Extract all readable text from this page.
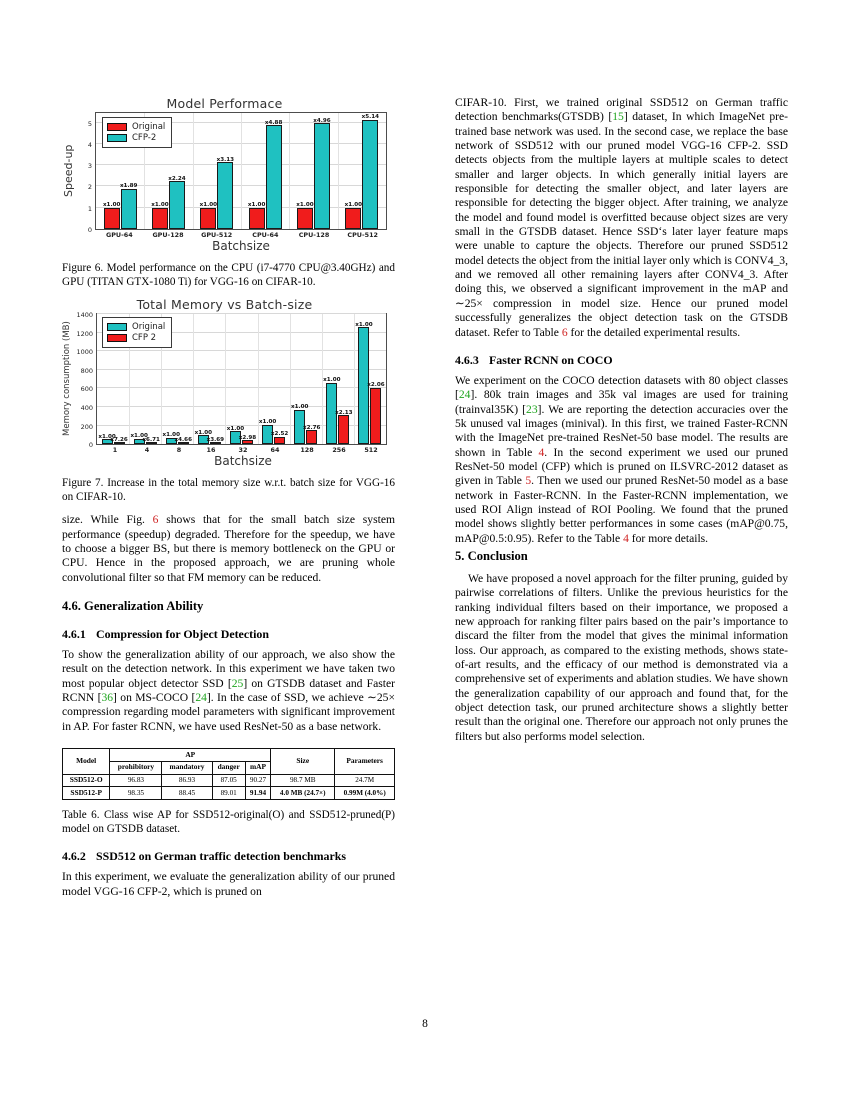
Model Performace
Speed-up
0
1
2
3
4
5	Original
CFP-2
x1.00
x1.89
x1.00
x2.24
x1.00
x3.13
x1.00
x4.88
x1.00
x4.96
x1.00
x5.14
GPU-64	GPU-128	GPU-512	CPU-64	CPU-128	CPU-512
Batchsize
Figure 6. Model performance on the CPU (i7-4770 CPU@3.40GHz) and GPU (TITAN GTX-1080 Ti) for VGG-16 on CIFAR-10.
Total Memory vs Batch-size
Memory consumption (MB)
0
200
400
600
800
1000
1200
1400
Original
CFP 2
x1.00
x7.26
x1.00
x6.71
x1.00
x4.66
x1.00
x3.69
x1.00
x2.98
x1.00
x2.52
x1.00
x2.76
x1.00
x2.13
x1.00
x2.06
1	4	8	16	32	64	128	256	512
Batchsize
Figure 7. Increase in the total memory size w.r.t. batch size for VGG-16 on CIFAR-10.

size. While Fig. 6 shows that for the small batch size system performance (speedup) degraded. Therefore for the speedup, we have to choose a bigger BS, but there is memory bottleneck on the GPU or CPU. Hence in the proposed approach, we are pruning whole convolutional filter so that FM memory can be reduced.

4.6. Generalization Ability
4.6.1 Compression for Object Detection

To show the generalization ability of our approach, we also show the result on the detection network. In this experiment we have taken two most popular object detector SSD [25] on GTSDB dataset and Faster RCNN [36] on MS-COCO [24]. In the case of SSD, we achieve ∼25× compression regarding model parameters with significant improvement in AP. For faster RCNN, we have used ResNet-50 as a base network.

Model	AP				Size	Parameters
	prohibitory	mandatory	danger	mAP		
SSD512-O	96.83	86.93	87.05	90.27	98.7 MB	24.7M
SSD512-P	98.35	88.45	89.01	91.94	4.0 MB (24.7×)	0.99M (4.0%)
Table 6. Class wise AP for SSD512-original(O) and SSD512-pruned(P) model on GTSDB dataset.
4.6.2 SSD512 on German traffic detection benchmarks

In this experiment, we evaluate the generalization ability of our pruned model VGG-16 CFP-2, which is pruned on

CIFAR-10. First, we trained original SSD512 on German traffic detection benchmarks(GTSDB) [15] dataset, In which ImageNet pre-trained base network was used. In the second case, we replace the base network of SSD512 with our pruned model VGG-16 CFP-2. SSD detects objects from the multiple layers at multiple scales to detect smaller and larger objects. In which generally initial layers are responsible for detecting the smaller object, and later layers are responsible for detecting the bigger object. After training, we analyze the model and found model is overfitted because object sizes are very small in the GTSDB dataset. Hence SSD‘s later layer feature maps were unable to capture the objects. Therefore our pruned SSD512 model detects the object from the initial layer only which is CONV4_3, and we removed all other remaining layers after CONV4_3. After doing this, we observed a significant improvement in the mAP and ∼25× compression in model size. Hence our pruned model successfully generalizes the object detection task on the GTSDB dataset. Refer to Table 6 for the detailed experimental results.

4.6.3 Faster RCNN on COCO

We experiment on the COCO detection datasets with 80 object classes [24]. 80k train images and 35k val images are used for training (trainval35K) [23]. We are reporting the detection accuracies over the 5k unused val images (minival). In this first, we trained Faster-RCNN with the ImageNet pre-trained ResNet-50 base model. The results are shown in Table 4. In the second experiment we used our pruned ResNet-50 model (CFP) which is pruned on ILSVRC-2012 dataset as given in Table 5. Then we used our pruned ResNet-50 model as a base network in Faster-RCNN. In the Faster-RCNN implementation, we used ROI Align instead of ROI Pooling. We found that the pruned model shows slightly better performances in some cases (mAP@0.75, mAP@0.5:0.95). Refer to the Table 4 for more details.

5. Conclusion

We have proposed a novel approach for the filter pruning, guided by pairwise correlations of filters. Unlike the previous heuristics for the ranking individual filters based on their importance, we proposed a new approach for ranking filter pairs based on the pair’s importance to discard the filter from the model that gives the minimal information loss. Our approach, as compared to the existing methods, shows state-of-art results, and the efficacy of our method is demonstrated via a comprehensive set of experiments and ablation studies. We have shown the generalization capability of our approach and found that, for the object detection task, our pruned architecture shows a slightly better result than the original one. Therefore our approach not only prunes the filters but also performs model selection.

8
